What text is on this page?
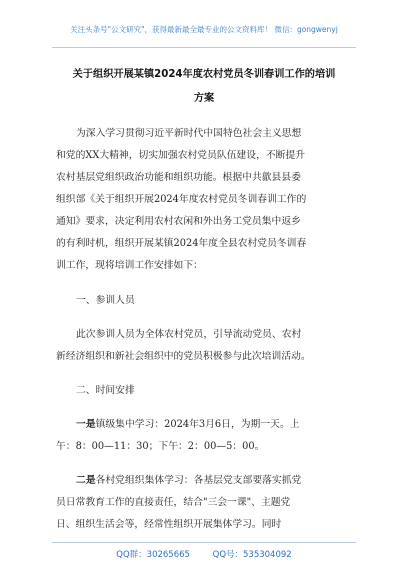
关注头条号"公文研究"，获得最新最全最专业的公文资料库！ 微信：gongwenyj
关于组织开展某镇2024年度农村党员冬训春训工作的培训
方案
为深入学习贯彻习近平新时代中国特色社会主义思想
和党的XX大精神，切实加强农村党员队伍建设，不断提升
农村基层党组织政治功能和组织功能。根据中共歙县县委
组织部《关于组织开展2024年度农村党员冬训春训工作的
通知》要求，决定利用农村农闲和外出务工党员集中返乡
的有利时机，组织开展某镇2024年度全县农村党员冬训春
训工作，现将培训工作安排如下：
一、参训人员
此次参训人员为全体农村党员，引导流动党员、农村
新经济组织和新社会组织中的党员积极参与此次培训活动。
二、时间安排
一是镇级集中学习：2024年3月6日，为期一天。上
午：8：00—11：30；下午：2：00—5：00。
二是各村党组织集体学习：各基层党支部要落实抓党
员日常教育工作的直接责任，结合"三会一课"、主题党
日、组织生活会等，经常性组织开展集体学习。同时
QQ群：30265665	QQ号：535304092
